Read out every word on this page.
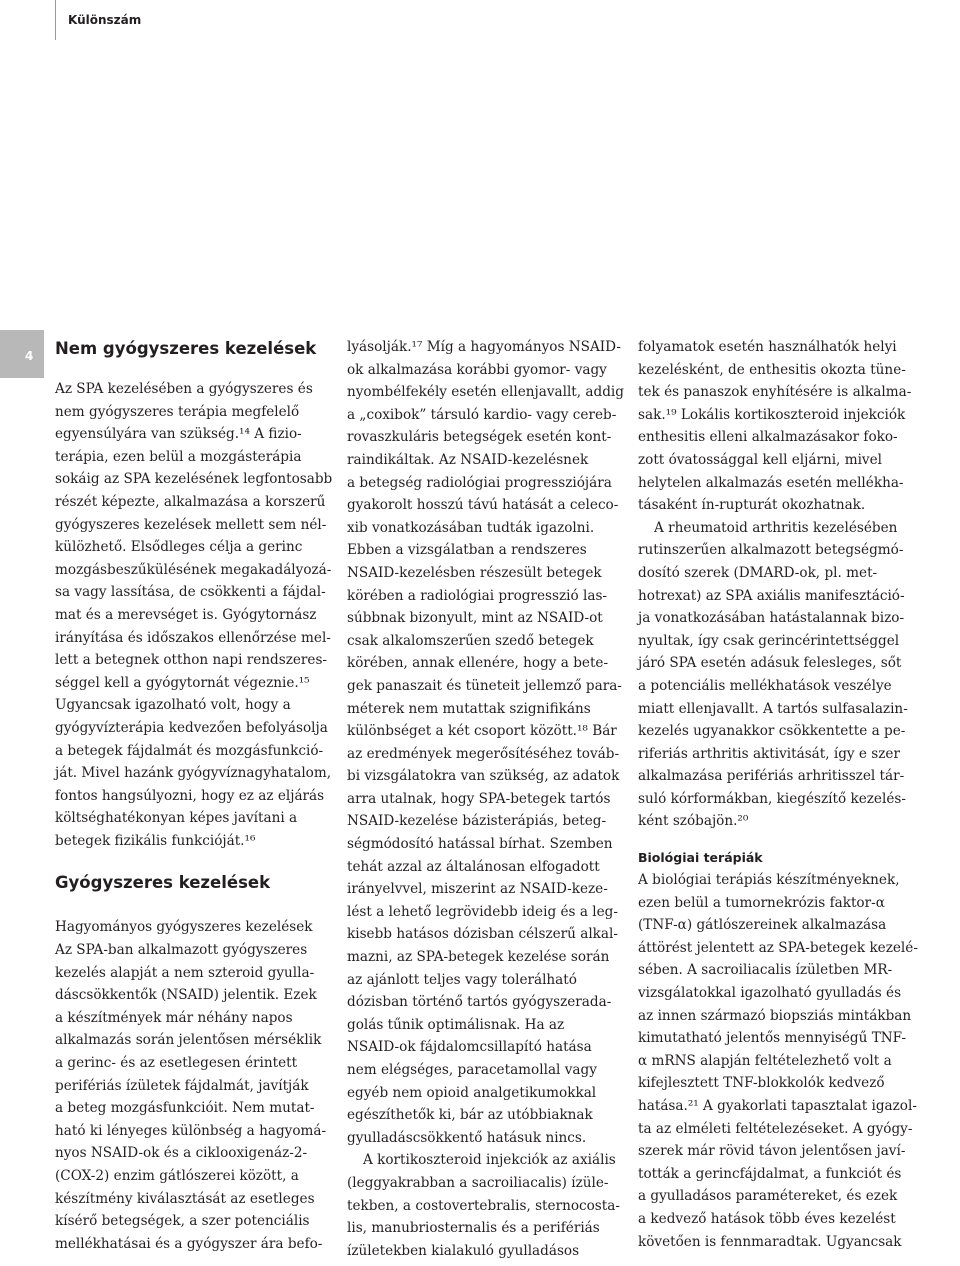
Különszám
4 Nem gyógyszeres kezelések
Az SPA kezelésében a gyógyszeres és
nem gyógyszeres terápia megfelelő
egyensúlyára van szükség.¹⁴ A fizio-
terápia, ezen belül a mozgásterápia
sokáig az SPA kezelésének legfontosabb
részét képezte, alkalmazása a korszerű
gyógyszeres kezelések mellett sem nél-
külözhető. Elsődleges célja a gerinc
mozgásbeszűkülésének megakadályozá-
sa vagy lassítása, de csökkenti a fájdal-
mat és a merevséget is. Gyógytornász
irányítása és időszakos ellenőrzése mel-
lett a betegnek otthon napi rendszeres-
séggel kell a gyógytornát végeznie.¹⁵
Ugyancsak igazolható volt, hogy a
gyógyvízterápia kedvezően befolyásolja
a betegek fájdalmát és mozgásfunkció-
ját. Mivel hazánk gyógyvíznagyhatalom,
fontos hangsúlyozni, hogy ez az eljárás
költséghatékonyan képes javítani a
betegek fizikális funkcióját.¹⁶
Gyógyszeres kezelések
Hagyományos gyógyszeres kezelések
Az SPA-ban alkalmazott gyógyszeres
kezelés alapját a nem szteroid gyulla-
dáscsökkentők (NSAID) jelentik. Ezek
a készítmények már néhány napos
alkalmazás során jelentősen mérséklik
a gerinc- és az esetlegesen érintett
perifériás ízületek fájdalmát, javítják
a beteg mozgásfunkcióit. Nem mutat-
ható ki lényeges különbség a hagyomá-
nyos NSAID-ok és a ciklooxigenáz-2-
(COX-2) enzim gátlószerei között, a
készítmény kiválasztását az esetleges
kísérő betegségek, a szer potenciális
mellékhatásai és a gyógyszer ára befo-
lyásolják.¹⁷ Míg a hagyományos NSAID-
ok alkalmazása korábbi gyomor- vagy
nyombélfekély esetén ellenjavallt, addig
a „coxibok” társuló kardio- vagy cereb-
rovaszkuláris betegségek esetén kont-
raindikáltak. Az NSAID-kezelésnek
a betegség radiológiai progressziójára
gyakorolt hosszú távú hatását a celeco-
xib vonatkozásában tudták igazolni.
Ebben a vizsgálatban a rendszeres
NSAID-kezelésben részesült betegek
körében a radiológiai progresszió las-
súbbnak bizonyult, mint az NSAID-ot
csak alkalomszerűen szedő betegek
körében, annak ellenére, hogy a bete-
gek panaszait és tüneteit jellemző para-
méterek nem mutattak szignifikáns
különbséget a két csoport között.¹⁸ Bár
az eredmények megerősítéséhez továb-
bi vizsgálatokra van szükség, az adatok
arra utalnak, hogy SPA-betegek tartós
NSAID-kezelése bázisterápiás, beteg-
ségmódosító hatással bírhat. Szemben
tehát azzal az általánosan elfogadott
irányelvvel, miszerint az NSAID-keze-
lést a lehető legrövidebb ideig és a leg-
kisebb hatásos dózisban célszerű alkal-
mazni, az SPA-betegek kezelése során
az ajánlott teljes vagy tolerálható
dózisban történő tartós gyógyszerada-
golás tűnik optimálisnak. Ha az
NSAID-ok fájdalomcsillapító hatása
nem elégséges, paracetamollal vagy
egyéb nem opioid analgetikumokkal
egészíthetők ki, bár az utóbbiaknak
gyulladáscsökkentő hatásuk nincs.
A kortikoszteroid injekciók az axiális
(leggyakrabban a sacroiliacalis) ízüle-
tekben, a costovertebralis, sternocosta-
lis, manubriosternalis és a perifériás
ízületekben kialakuló gyulladásos
folyamatok esetén használhatók helyi
kezelésként, de enthesitis okozta tüne-
tek és panaszok enyhítésére is alkalma-
sak.¹⁹ Lokális kortikoszteroid injekciók
enthesitis elleni alkalmazásakor foko-
zott óvatossággal kell eljárni, mivel
helytelen alkalmazás esetén mellékha-
tásaként ín-rupturát okozhatnak.
A rheumatoid arthritis kezelésében
rutinszerűen alkalmazott betegségmó-
dosító szerek (DMARD-ok, pl. met-
hotrexat) az SPA axiális manifesztáció-
ja vonatkozásában hatástalannak bizo-
nyultak, így csak gerincérintettséggel
járó SPA esetén adásuk felesleges, sőt
a potenciális mellékhatások veszélye
miatt ellenjavallt. A tartós sulfasalazin-
kezelés ugyanakkor csökkentette a pe-
riferiás arthritis aktivitását, így e szer
alkalmazása perifériás arhritisszel tár-
suló kórformákban, kiegészítő kezelés-
ként szóbajön.²⁰
Biológiai terápiák
A biológiai terápiás készítményeknek,
ezen belül a tumornekrózis faktor-α
(TNF-α) gátlószereinek alkalmazása
áttörést jelentett az SPA-betegek kezelé-
sében. A sacroiliacalis ízületben MR-
vizsgálatokkal igazolható gyulladás és
az innen származó biopsziás mintákban
kimutatható jelentős mennyiségű TNF-
α mRNS alapján feltételezhető volt a
kifejlesztett TNF-blokkolók kedvező
hatása.²¹ A gyakorlati tapasztalat igazol-
ta az elméleti feltételezéseket. A gyógy-
szerek már rövid távon jelentősen javí-
tották a gerincfájdalmat, a funkciót és
a gyulladásos paramétereket, és ezek
a kedvező hatások több éves kezelést
követően is fennmaradtak. Ugyancsak
